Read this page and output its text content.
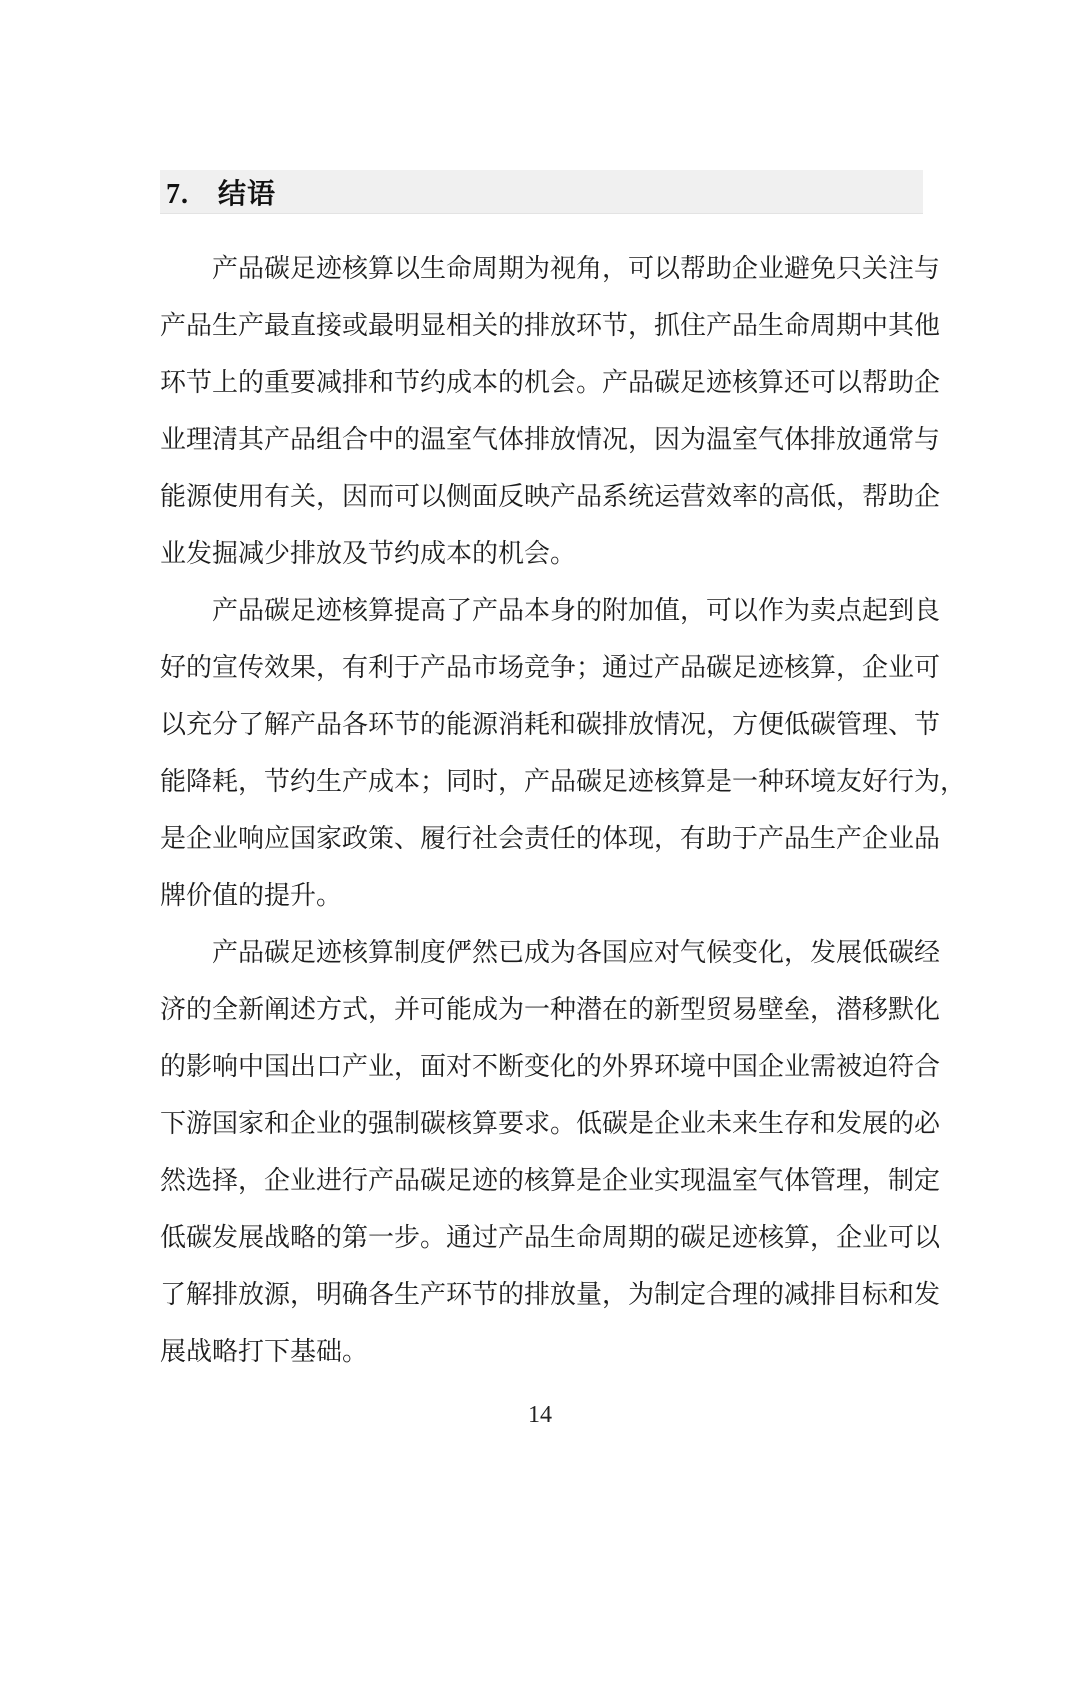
7.　结语
产品碳足迹核算以生命周期为视角，可以帮助企业避免只关注与
产品生产最直接或最明显相关的排放环节，抓住产品生命周期中其他
环节上的重要减排和节约成本的机会。产品碳足迹核算还可以帮助企
业理清其产品组合中的温室气体排放情况，因为温室气体排放通常与
能源使用有关，因而可以侧面反映产品系统运营效率的高低，帮助企
业发掘减少排放及节约成本的机会。
产品碳足迹核算提高了产品本身的附加值，可以作为卖点起到良
好的宣传效果，有利于产品市场竞争；通过产品碳足迹核算，企业可
以充分了解产品各环节的能源消耗和碳排放情况，方便低碳管理、节
能降耗，节约生产成本；同时，产品碳足迹核算是一种环境友好行为，
是企业响应国家政策、履行社会责任的体现，有助于产品生产企业品
牌价值的提升。
产品碳足迹核算制度俨然已成为各国应对气候变化，发展低碳经
济的全新阐述方式，并可能成为一种潜在的新型贸易壁垒，潜移默化
的影响中国出口产业，面对不断变化的外界环境中国企业需被迫符合
下游国家和企业的强制碳核算要求。低碳是企业未来生存和发展的必
然选择，企业进行产品碳足迹的核算是企业实现温室气体管理，制定
低碳发展战略的第一步。通过产品生命周期的碳足迹核算，企业可以
了解排放源，明确各生产环节的排放量，为制定合理的减排目标和发
展战略打下基础。
14
